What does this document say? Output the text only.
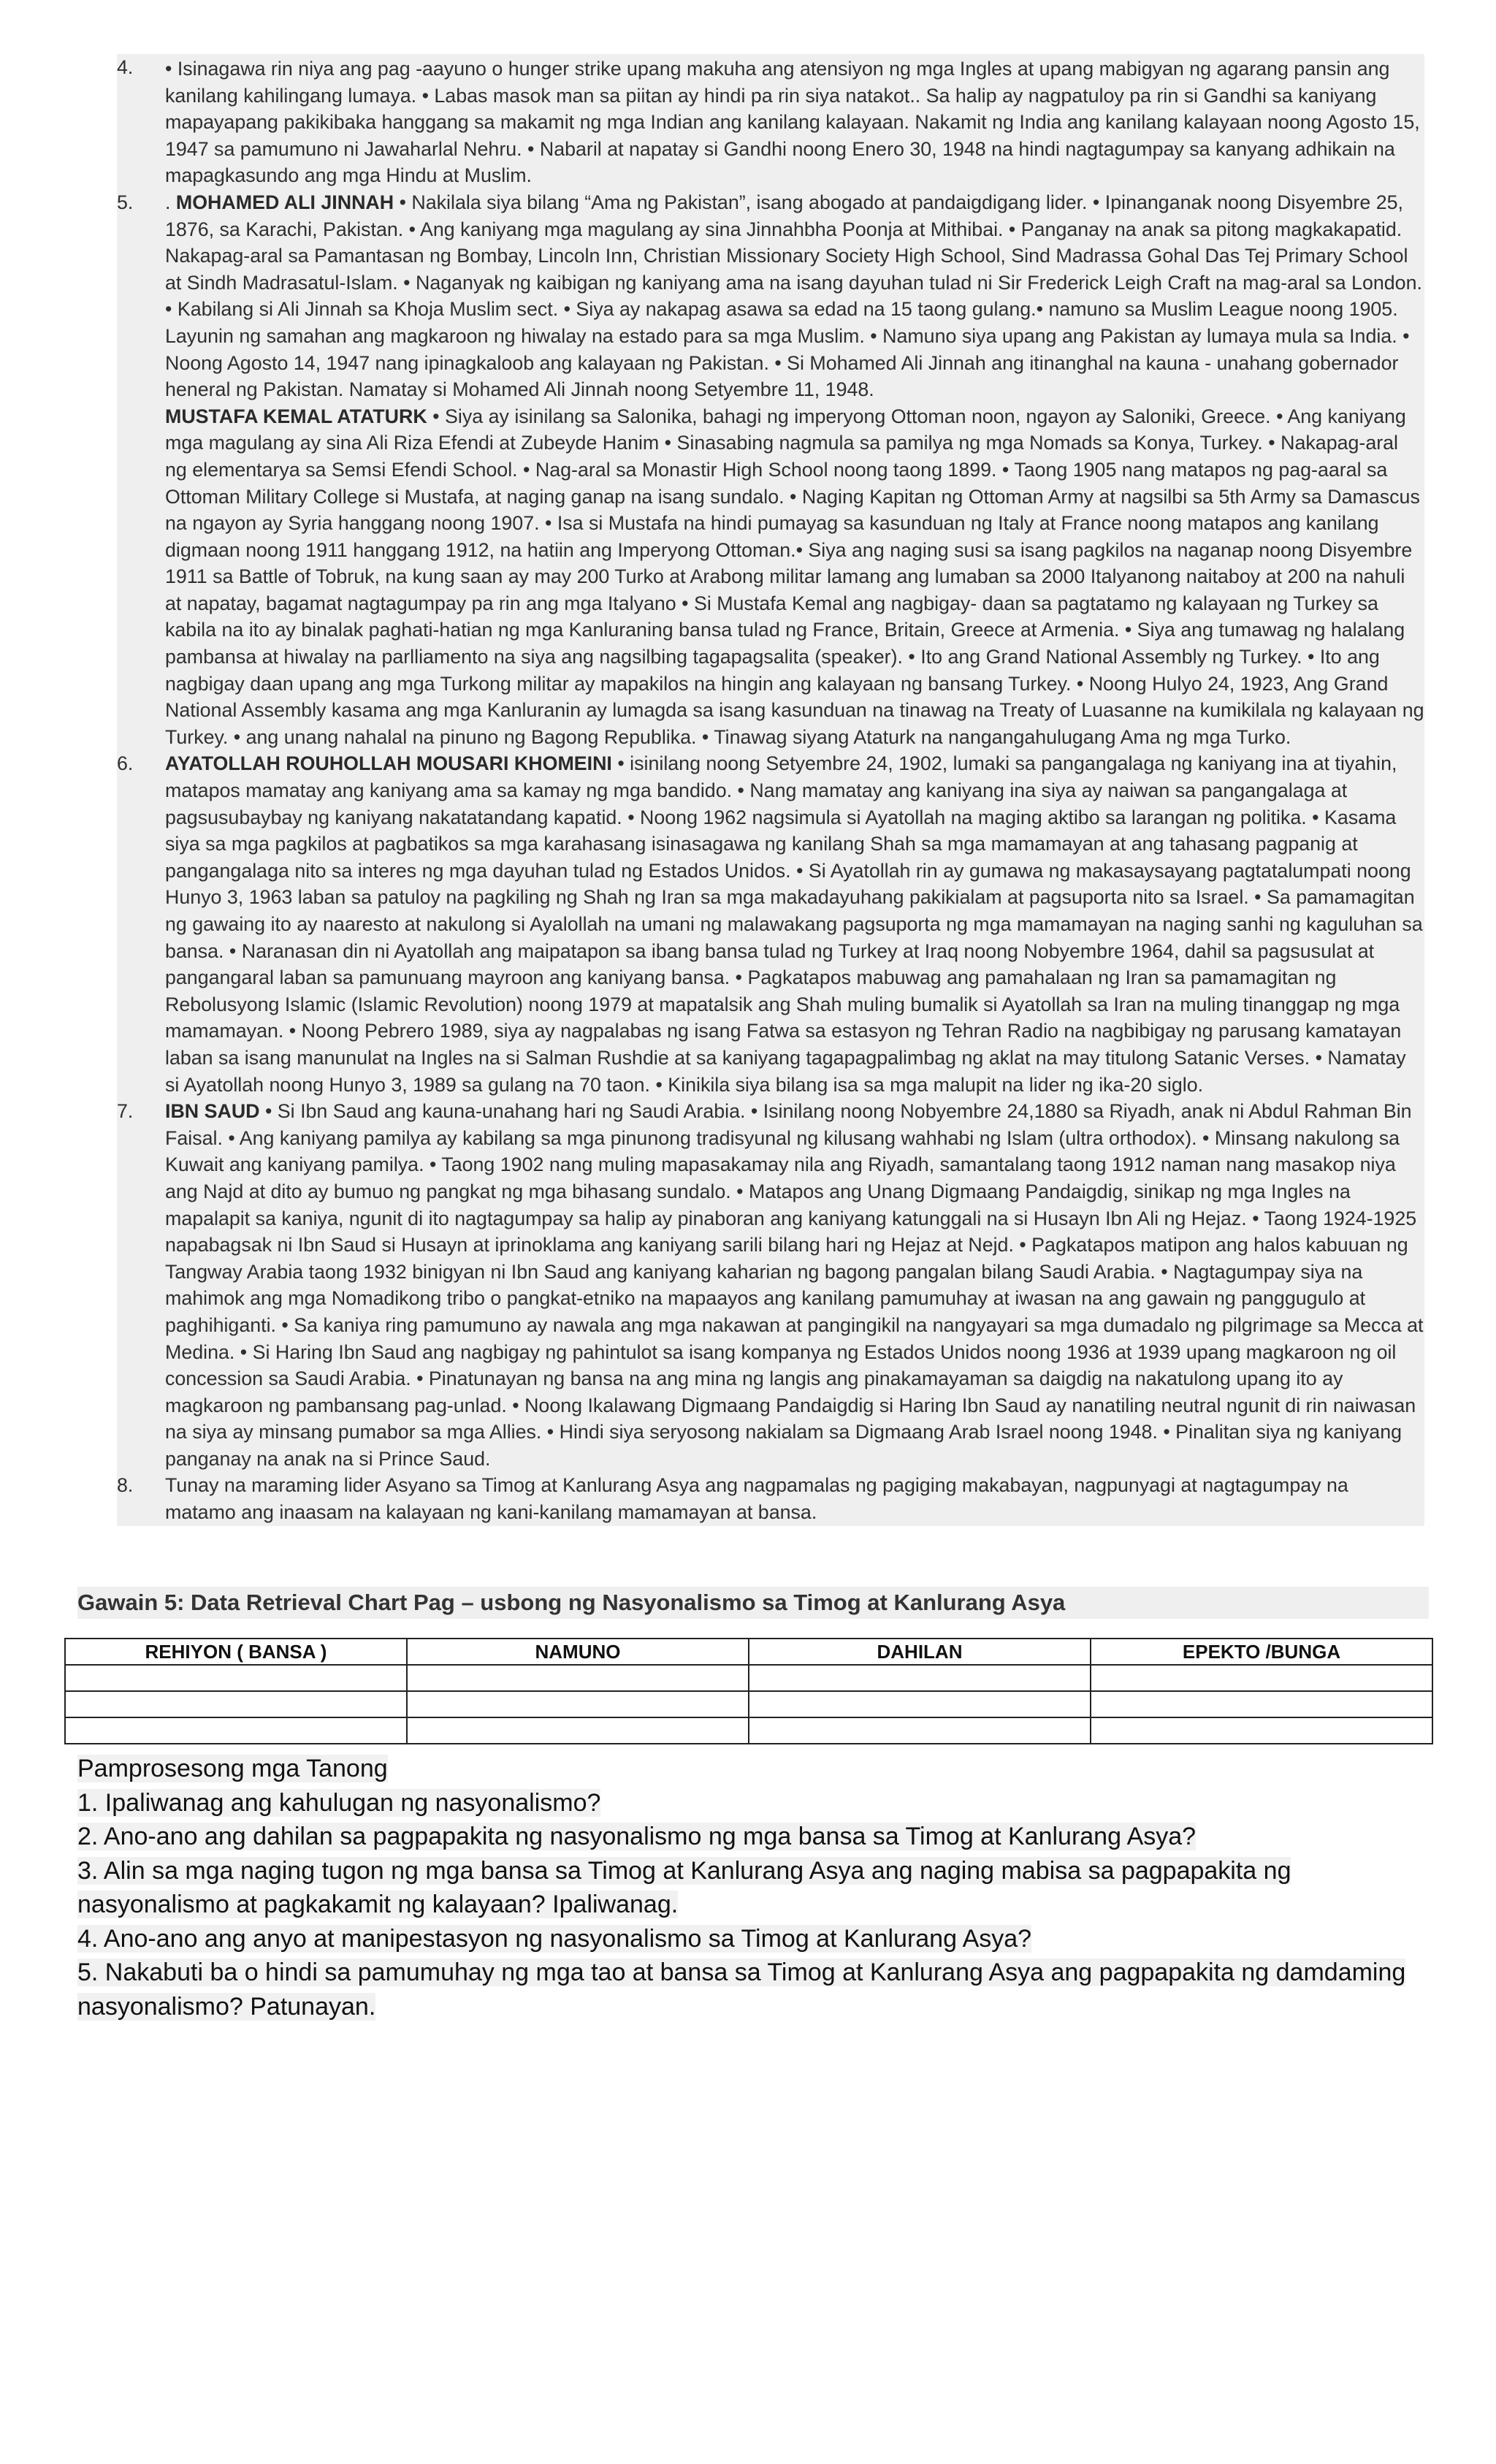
4.	• Isinagawa rin niya ang pag -aayuno o hunger strike upang makuha ang atensiyon ng mga Ingles at upang mabigyan ng agarang pansin ang kanilang kahilingang lumaya. • Labas masok man sa piitan ay hindi pa rin siya natakot.. Sa halip ay nagpatuloy pa rin si Gandhi sa kaniyang mapayapang pakikibaka hanggang sa makamit ng mga Indian ang kanilang kalayaan. Nakamit ng India ang kanilang kalayaan noong Agosto 15, 1947 sa pamumuno ni Jawaharlal Nehru. • Nabaril at napatay si Gandhi noong Enero 30, 1948 na hindi nagtagumpay sa kanyang adhikain na mapagkasundo ang mga Hindu at Muslim.
5.	. MOHAMED ALI JINNAH • Nakilala siya bilang “Ama ng Pakistan”, isang abogado at pandaigdigang lider. • Ipinanganak noong Disyembre 25, 1876, sa Karachi, Pakistan. • Ang kaniyang mga magulang ay sina Jinnahbha Poonja at Mithibai. • Panganay na anak sa pitong magkakapatid. Nakapag-aral sa Pamantasan ng Bombay, Lincoln Inn, Christian Missionary Society High School, Sind Madrassa Gohal Das Tej Primary School at Sindh Madrasatul-Islam. • Naganyak ng kaibigan ng kaniyang ama na isang dayuhan tulad ni Sir Frederick Leigh Craft na mag-aral sa London. • Kabilang si Ali Jinnah sa Khoja Muslim sect. • Siya ay nakapag asawa sa edad na 15 taong gulang.• namuno sa Muslim League noong 1905. Layunin ng samahan ang magkaroon ng hiwalay na estado para sa mga Muslim. • Namuno siya upang ang Pakistan ay lumaya mula sa India. • Noong Agosto 14, 1947 nang ipinagkaloob ang kalayaan ng Pakistan. • Si Mohamed Ali Jinnah ang itinanghal na kauna - unahang gobernador heneral ng Pakistan. Namatay si Mohamed Ali Jinnah noong Setyembre 11, 1948.
MUSTAFA KEMAL ATATURK • Siya ay isinilang sa Salonika, bahagi ng imperyong Ottoman noon, ngayon ay Saloniki, Greece. • Ang kaniyang mga magulang ay sina Ali Riza Efendi at Zubeyde Hanim • Sinasabing nagmula sa pamilya ng mga Nomads sa Konya, Turkey. • Nakapag-aral ng elementarya sa Semsi Efendi School. • Nag-aral sa Monastir High School noong taong 1899. • Taong 1905 nang matapos ng pag-aaral sa Ottoman Military College si Mustafa, at naging ganap na isang sundalo. • Naging Kapitan ng Ottoman Army at nagsilbi sa 5th Army sa Damascus na ngayon ay Syria hanggang noong 1907. • Isa si Mustafa na hindi pumayag sa kasunduan ng Italy at France noong matapos ang kanilang digmaan noong 1911 hanggang 1912, na hatiin ang Imperyong Ottoman.• Siya ang naging susi sa isang pagkilos na naganap noong Disyembre 1911 sa Battle of Tobruk, na kung saan ay may 200 Turko at Arabong militar lamang ang lumaban sa 2000 Italyanong naitaboy at 200 na nahuli at napatay, bagamat nagtagumpay pa rin ang mga Italyano • Si Mustafa Kemal ang nagbigay- daan sa pagtatamo ng kalayaan ng Turkey sa kabila na ito ay binalak paghati-hatian ng mga Kanluraning bansa tulad ng France, Britain, Greece at Armenia. • Siya ang tumawag ng halalang pambansa at hiwalay na parlliamento na siya ang nagsilbing tagapagsalita (speaker). • Ito ang Grand National Assembly ng Turkey. • Ito ang nagbigay daan upang ang mga Turkong militar ay mapakilos na hingin ang kalayaan ng bansang Turkey. • Noong Hulyo 24, 1923, Ang Grand National Assembly kasama ang mga Kanluranin ay lumagda sa isang kasunduan na tinawag na Treaty of Luasanne na kumikilala ng kalayaan ng Turkey. • ang unang nahalal na pinuno ng Bagong Republika. • Tinawag siyang Ataturk na nangangahulugang Ama ng mga Turko.
6.	AYATOLLAH ROUHOLLAH MOUSARI KHOMEINI • isinilang noong Setyembre 24, 1902, lumaki sa pangangalaga ng kaniyang ina at tiyahin, matapos mamatay ang kaniyang ama sa kamay ng mga bandido. • Nang mamatay ang kaniyang ina siya ay naiwan sa pangangalaga at pagsusubaybay ng kaniyang nakatatandang kapatid. • Noong 1962 nagsimula si Ayatollah na maging aktibo sa larangan ng politika. • Kasama siya sa mga pagkilos at pagbatikos sa mga karahasang isinasagawa ng kanilang Shah sa mga mamamayan at ang tahasang pagpanig at pangangalaga nito sa interes ng mga dayuhan tulad ng Estados Unidos. • Si Ayatollah rin ay gumawa ng makasaysayang pagtatalumpati noong Hunyo 3, 1963 laban sa patuloy na pagkiling ng Shah ng Iran sa mga makadayuhang pakikialam at pagsuporta nito sa Israel. • Sa pamamagitan ng gawaing ito ay naaresto at nakulong si Ayalollah na umani ng malawakang pagsuporta ng mga mamamayan na naging sanhi ng kaguluhan sa bansa. • Naranasan din ni Ayatollah ang maipatapon sa ibang bansa tulad ng Turkey at Iraq noong Nobyembre 1964, dahil sa pagsusulat at pangangaral laban sa pamunuang mayroon ang kaniyang bansa. • Pagkatapos mabuwag ang pamahalaan ng Iran sa pamamagitan ng Rebolusyong Islamic (Islamic Revolution) noong 1979 at mapatalsik ang Shah muling bumalik si Ayatollah sa Iran na muling tinanggap ng mga mamamayan. • Noong Pebrero 1989, siya ay nagpalabas ng isang Fatwa sa estasyon ng Tehran Radio na nagbibigay ng parusang kamatayan laban sa isang manunulat na Ingles na si Salman Rushdie at sa kaniyang tagapagpalimbag ng aklat na may titulong Satanic Verses. • Namatay si Ayatollah noong Hunyo 3, 1989 sa gulang na 70 taon. • Kinikila siya bilang isa sa mga malupit na lider ng ika-20 siglo.
7.	IBN SAUD • Si Ibn Saud ang kauna-unahang hari ng Saudi Arabia. • Isinilang noong Nobyembre 24,1880 sa Riyadh, anak ni Abdul Rahman Bin Faisal. • Ang kaniyang pamilya ay kabilang sa mga pinunong tradisyunal ng kilusang wahhabi ng Islam (ultra orthodox). • Minsang nakulong sa Kuwait ang kaniyang pamilya. • Taong 1902 nang muling mapasakamay nila ang Riyadh, samantalang taong 1912 naman nang masakop niya ang Najd at dito ay bumuo ng pangkat ng mga bihasang sundalo. • Matapos ang Unang Digmaang Pandaigdig, sinikap ng mga Ingles na mapalapit sa kaniya, ngunit di ito nagtagumpay sa halip ay pinaboran ang kaniyang katunggali na si Husayn Ibn Ali ng Hejaz. • Taong 1924-1925 napabagsak ni Ibn Saud si Husayn at iprinoklama ang kaniyang sarili bilang hari ng Hejaz at Nejd. • Pagkatapos matipon ang halos kabuuan ng Tangway Arabia taong 1932 binigyan ni Ibn Saud ang kaniyang kaharian ng bagong pangalan bilang Saudi Arabia. • Nagtagumpay siya na mahimok ang mga Nomadikong tribo o pangkat-etniko na mapaayos ang kanilang pamumuhay at iwasan na ang gawain ng panggugulo at paghihiganti. • Sa kaniya ring pamumuno ay nawala ang mga nakawan at pangingikil na nangyayari sa mga dumadalo ng pilgrimage sa Mecca at Medina. • Si Haring Ibn Saud ang nagbigay ng pahintulot sa isang kompanya ng Estados Unidos noong 1936 at 1939 upang magkaroon ng oil concession sa Saudi Arabia. • Pinatunayan ng bansa na ang mina ng langis ang pinakamayaman sa daigdig na nakatulong upang ito ay magkaroon ng pambansang pag-unlad. • Noong Ikalawang Digmaang Pandaigdig si Haring Ibn Saud ay nanatiling neutral ngunit di rin naiwasan na siya ay minsang pumabor sa mga Allies. • Hindi siya seryosong nakialam sa Digmaang Arab Israel noong 1948. • Pinalitan siya ng kaniyang panganay na anak na si Prince Saud.
8.	Tunay na maraming lider Asyano sa Timog at Kanlurang Asya ang nagpamalas ng pagiging makabayan, nagpunyagi at nagtagumpay na matamo ang inaasam na kalayaan ng kani-kanilang mamamayan at bansa.
Gawain 5: Data Retrieval Chart Pag – usbong ng Nasyonalismo sa Timog at Kanlurang Asya
REHIYON ( BANSA )	NAMUNO	DAHILAN	EPEKTO /BUNGA

Pamprosesong mga Tanong
1. Ipaliwanag ang kahulugan ng nasyonalismo?
2. Ano-ano ang dahilan sa pagpapakita ng nasyonalismo ng mga bansa sa Timog at Kanlurang Asya?
3. Alin sa mga naging tugon ng mga bansa sa Timog at Kanlurang Asya ang naging mabisa sa pagpapakita ng nasyonalismo at pagkakamit ng kalayaan? Ipaliwanag.
4. Ano-ano ang anyo at manipestasyon ng nasyonalismo sa Timog at Kanlurang Asya?
5. Nakabuti ba o hindi sa pamumuhay ng mga tao at bansa sa Timog at Kanlurang Asya ang pagpapakita ng damdaming nasyonalismo? Patunayan.
